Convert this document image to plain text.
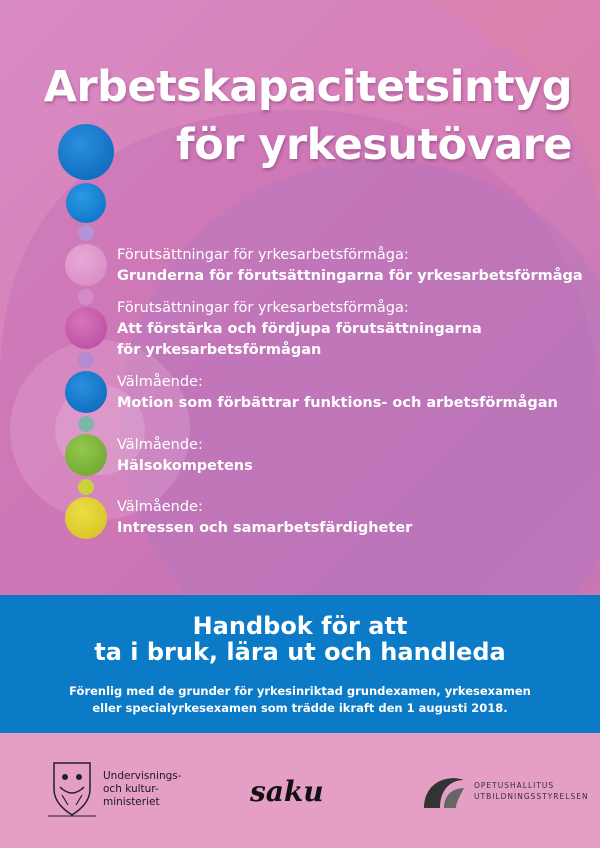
Arbetskapacitetsintyg
för yrkesutövare
Förutsättningar för yrkesarbetsförmåga:
Grunderna för förutsättningarna för yrkesarbetsförmåga
Förutsättningar för yrkesarbetsförmåga:
Att förstärka och fördjupa förutsättningarna
för yrkesarbetsförmågan
Välmående:
Motion som förbättrar funktions- och arbetsförmågan
Välmående:
Hälsokompetens
Välmående:
Intressen och samarbetsfärdigheter
Handbok för att
ta i bruk, lära ut och handleda
Förenlig med de grunder för yrkesinriktad grundexamen, yrkesexamen
eller specialyrkesexamen som trädde ikraft den 1 augusti 2018.
Undervisnings-
och kultur-
ministeriet	saku	OPETUSHALLITUS
UTBILDNINGSSTYRELSEN
